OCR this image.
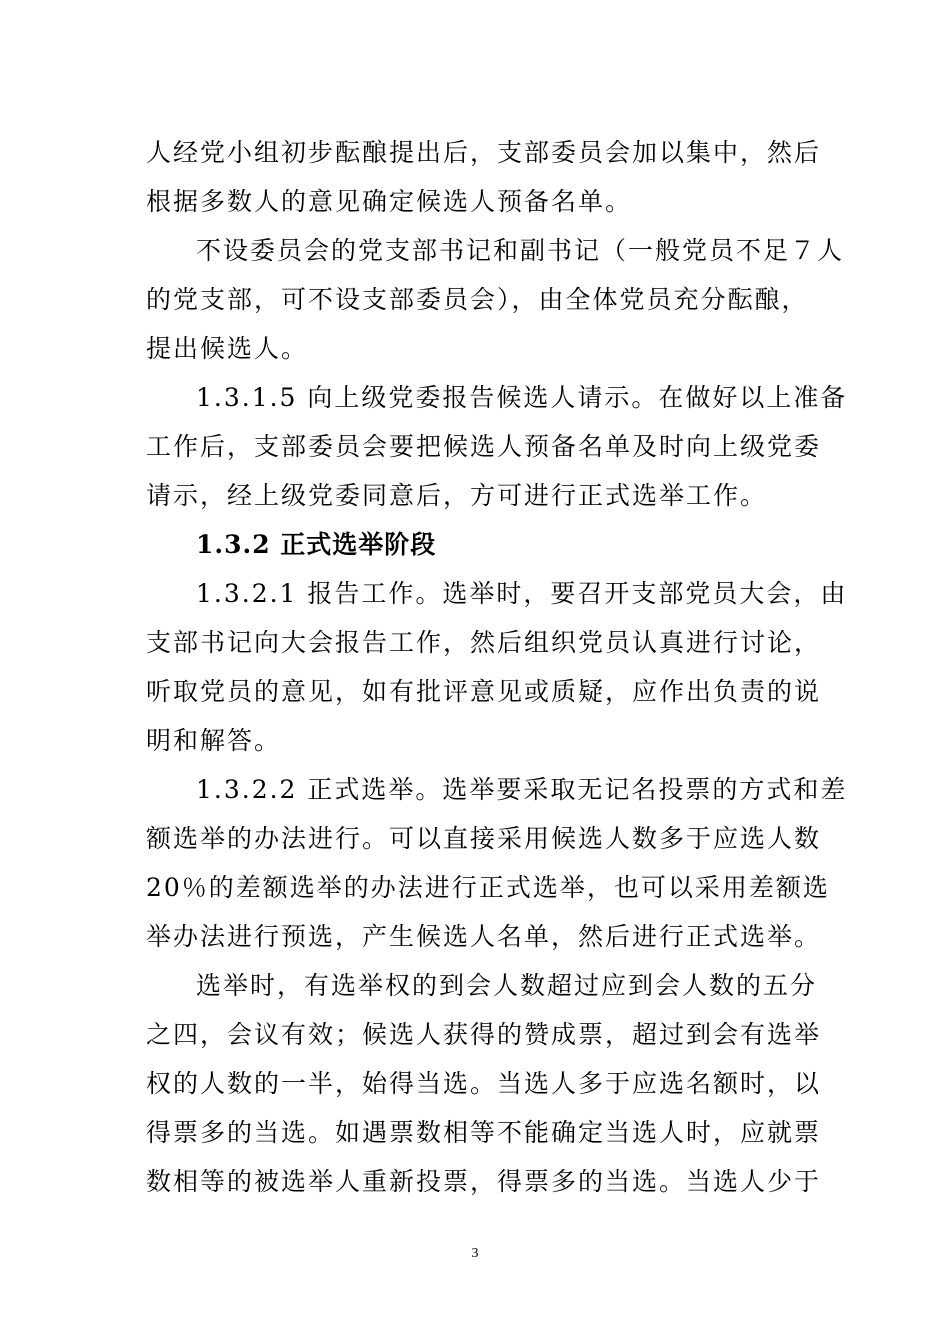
人经党小组初步酝酿提出后，支部委员会加以集中，然后
根据多数人的意见确定候选人预备名单。
不设委员会的党支部书记和副书记（一般党员不足７人
的党支部，可不设支部委员会），由全体党员充分酝酿，
提出候选人。
1.3.1.5 向上级党委报告候选人请示。在做好以上准备
工作后，支部委员会要把候选人预备名单及时向上级党委
请示，经上级党委同意后，方可进行正式选举工作。
1.3.2 正式选举阶段
1.3.2.1 报告工作。选举时，要召开支部党员大会，由
支部书记向大会报告工作，然后组织党员认真进行讨论，
听取党员的意见，如有批评意见或质疑，应作出负责的说
明和解答。
1.3.2.2 正式选举。选举要采取无记名投票的方式和差
额选举的办法进行。可以直接采用候选人数多于应选人数
20％的差额选举的办法进行正式选举，也可以采用差额选
举办法进行预选，产生候选人名单，然后进行正式选举。
选举时，有选举权的到会人数超过应到会人数的五分
之四，会议有效；候选人获得的赞成票，超过到会有选举
权的人数的一半，始得当选。当选人多于应选名额时，以
得票多的当选。如遇票数相等不能确定当选人时，应就票
数相等的被选举人重新投票，得票多的当选。当选人少于
3
